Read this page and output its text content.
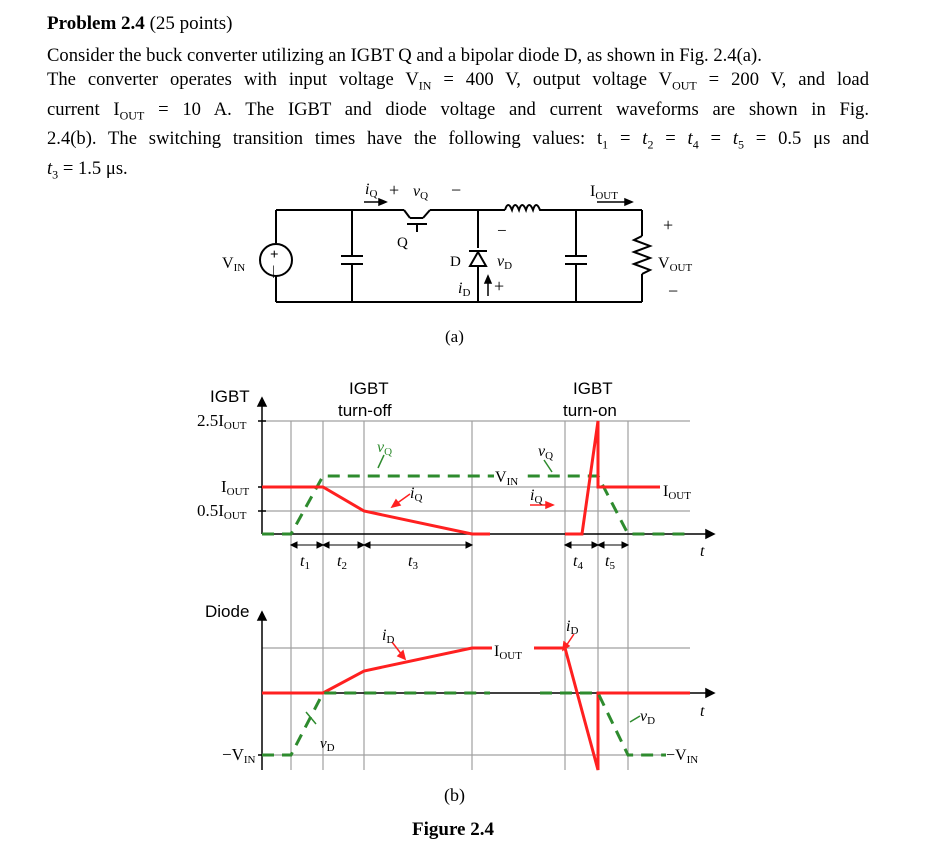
Problem 2.4 (25 points)

Consider the buck converter utilizing an IGBT Q and a bipolar diode D, as shown in Fig. 2.4(a).

The converter operates with input voltage $V_{IN} = 400$ V, output voltage $V_{OUT} = 200$ V, and load

current $I_{OUT} = 10$ A. The IGBT and diode voltage and current waveforms are shown in Fig.

2.4(b). The switching transition times have the following values: $t_1 = t_2 = t_4 = t_5 = 0.5$ μs and

$t_3 = 1.5$ μs.

VIN
+
|
iQ + vQ −
Q
D
−
vD
+
iD
IOUT
+
VOUT
−
(a)
IGBT
2.5IOUT
IOUT
0.5IOUT
IGBT
turn-off
IGBT
turn-on
vQ	vQ
iQ	iQ
VIN
IOUT
t
t1 t2	t3	t4 t5
Diode
iD
iD
IOUT
$v_D$
vD
t
−VIN	−VIN
(b)
Figure 2.4
